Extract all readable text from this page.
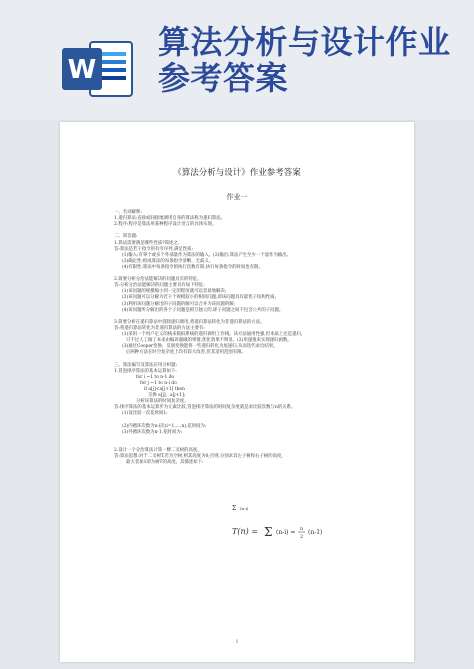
W
算法分析与设计作业参考答案
《算法分析与设计》作业参考答案
作业一
一、名词解释:
1.递归算法:直接或间接地调用自身的算法称为递归算法。
2.程序:程序是算法用某种程序设计语言的具体实现。
二、简答题:
1.算法需要满足哪些性质?简述之。
答:算法是若干指令的有穷序列,满足性质:
(1)输入:有零个或多个外部量作为算法的输入。(2)输出:算法产生至少一个量作为输出。
(3)确定性:组成算法的每条指令清晰、无歧义。
(4)有限性:算法中每条指令的执行次数有限,执行每条指令的时间也有限。
2.简要分析分治法能解决的问题具有的特征。
答:分析分治法能解决的问题主要具有如下特征:
(1)该问题的规模缩小到一定的程度就可以容易地解决;
(2)该问题可以分解为若干个规模较小的相同问题,即该问题具有最优子结构性质;
(3)利用该问题分解出的子问题的解可以合并为该问题的解;
(4)该问题所分解出的各个子问题是相互独立的,即子问题之间不包含公共的子问题。
3.简要分析在递归算法中消除递归调用,将递归算法转化为非递归算法的方法。
答:将递归算法转化为非递归算法的方法主要有:
(1)采用一个用户定义的栈来模拟系统的递归调用工作栈。该方法通用性强,但本质上还是递归,
只不过人工做了本来由编译器做的事情,优化效果不明显。(2)用递推来实现递归函数。
(3)通过Cooper变换、反演变换能将一些递归转化为尾递归,从而迭代求出结果。
后两种方法在时空复杂度上均有较大改善,但其适用范围有限。
三、算法编写及算法应用分析题:
1.冒泡排序算法的基本运算如下:
for i ←1 to n-1 do
for j ←1 to n-i do
if a[j]<a[j+1] then
交换 a[j]、a[j+1];
分析该算法的时间复杂度。
答:排序算法的基本运算步为元素比较,冒泡排序算法的时间复杂度就是求比较次数与n的关系。
(1)设比较一次花时间1;
(2)内循环次数为n-i次(i=1,…,n),花时间为:
(3)外循环次数为n-1,花时间为:
2.设计一个分治算法计算一棵二叉树的高度。
答:算法思想:对于二叉树T,若为空树,则其高度为0;否则,分别求其左子树和右子树的高度,
最大者加1即为树T的高度。其描述如下:
Σ (n-i)
T(n) = Σ (n-i) = n
2
(n-1)
1
